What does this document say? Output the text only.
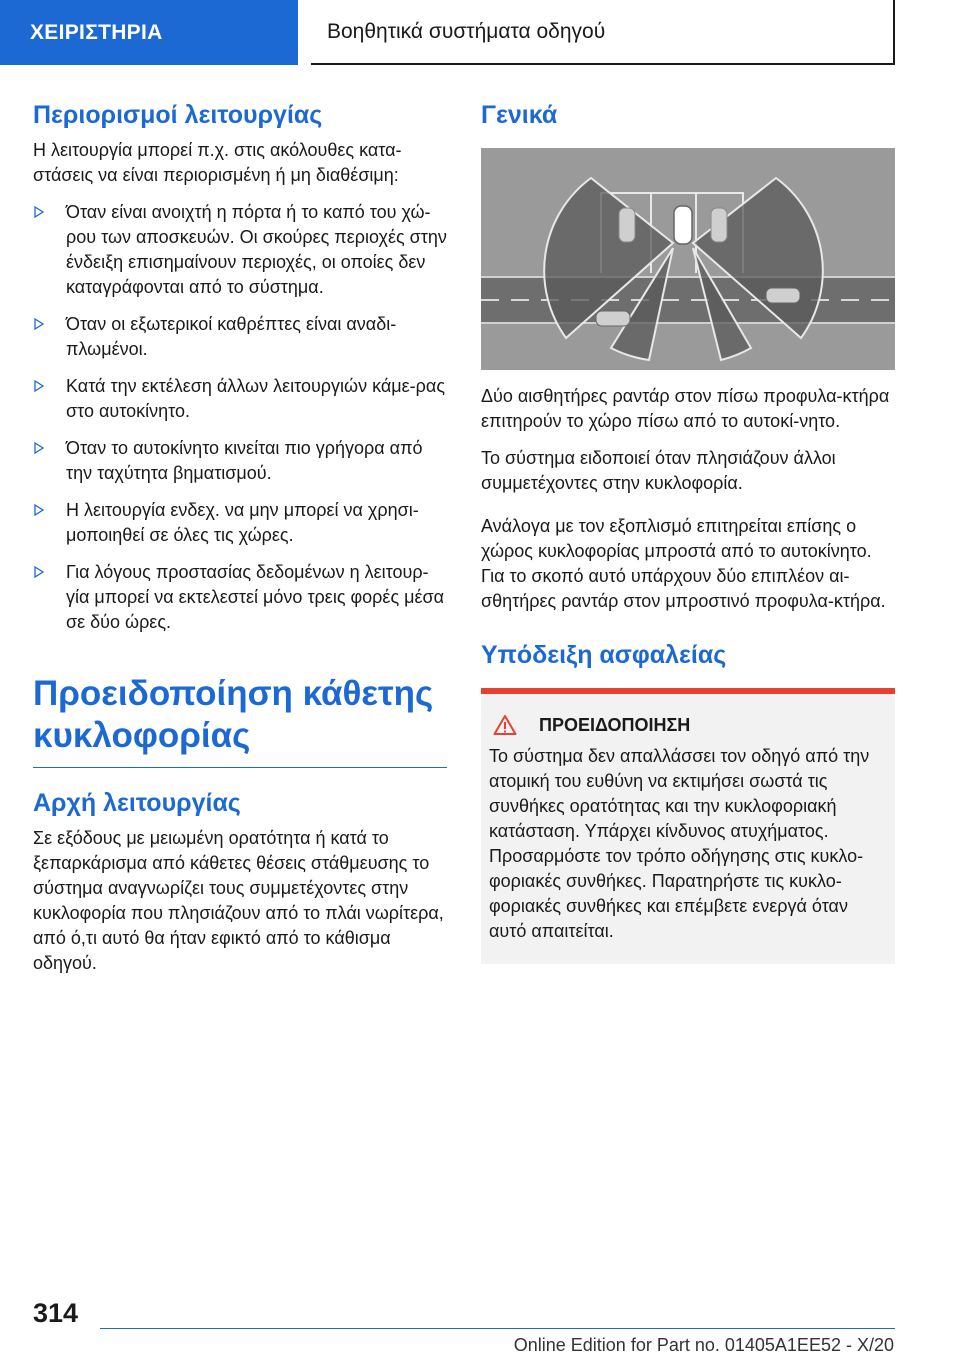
ΧΕΙΡΙΣΤΗΡΙΑ	Βοηθητικά συστήματα οδηγού
Περιορισμοί λειτουργίας

Η λειτουργία μπορεί π.χ. στις ακόλουθες κατα-στάσεις να είναι περιορισμένη ή μη διαθέσιμη:

Όταν είναι ανοιχτή η πόρτα ή το καπό του χώ-ρου των αποσκευών. Οι σκούρες περιοχές στην ένδειξη επισημαίνουν περιοχές, οι οποίες δεν καταγράφονται από το σύστημα.
Όταν οι εξωτερικοί καθρέπτες είναι αναδι-πλωμένοι.
Κατά την εκτέλεση άλλων λειτουργιών κάμε-ρας στο αυτοκίνητο.
Όταν το αυτοκίνητο κινείται πιο γρήγορα από την ταχύτητα βηματισμού.
Η λειτουργία ενδεχ. να μην μπορεί να χρησι-μοποιηθεί σε όλες τις χώρες.
Για λόγους προστασίας δεδομένων η λειτουρ-γία μπορεί να εκτελεστεί μόνο τρεις φορές μέσα σε δύο ώρες.
Προειδοποίηση κάθετης
κυκλοφορίας
Αρχή λειτουργίας

Σε εξόδους με μειωμένη ορατότητα ή κατά το ξεπαρκάρισμα από κάθετες θέσεις στάθμευσης το σύστημα αναγνωρίζει τους συμμετέχοντες στην κυκλοφορία που πλησιάζουν από το πλάι νωρίτερα, από ό,τι αυτό θα ήταν εφικτό από το κάθισμα οδηγού.

Γενικά

Δύο αισθητήρες ραντάρ στον πίσω προφυλα-κτήρα επιτηρούν το χώρο πίσω από το αυτοκί-νητο.

Το σύστημα ειδοποιεί όταν πλησιάζουν άλλοι συμμετέχοντες στην κυκλοφορία.

Ανάλογα με τον εξοπλισμό επιτηρείται επίσης ο χώρος κυκλοφορίας μπροστά από το αυτοκίνητο. Για το σκοπό αυτό υπάρχουν δύο επιπλέον αι-σθητήρες ραντάρ στον μπροστινό προφυλα-κτήρα.

Υπόδειξη ασφαλείας
ΠΡΟΕΙΔΟΠΟΙΗΣΗ

Το σύστημα δεν απαλλάσσει τον οδηγό από την ατομική του ευθύνη να εκτιμήσει σωστά τις συνθήκες ορατότητας και την κυκλοφοριακή κατάσταση. Υπάρχει κίνδυνος ατυχήματος. Προσαρμόστε τον τρόπο οδήγησης στις κυκλο-φοριακές συνθήκες. Παρατηρήστε τις κυκλο-φοριακές συνθήκες και επέμβετε ενεργά όταν αυτό απαιτείται.

314
Online Edition for Part no. 01405A1EE52 - X/20
